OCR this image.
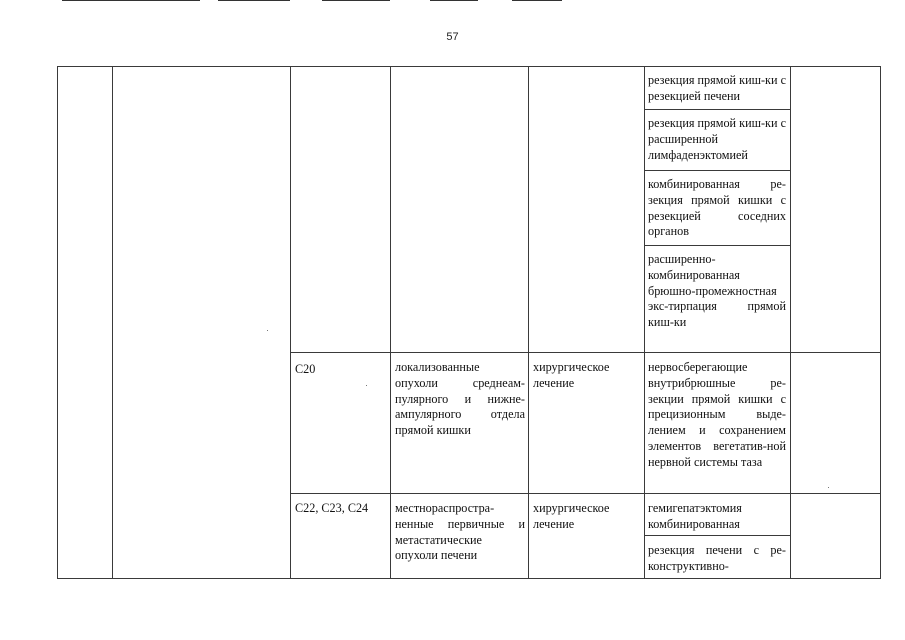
57
резекция прямой киш-ки с резекцией печени
резекция прямой киш-ки с расширенной лимфаденэктомией
комбинированная ре-зекция прямой кишки с резекцией соседних органов
расширенно-комбинированная брюшно-промежностная экс-тирпация прямой киш-ки
C20	локализованные опухоли среднеам-пулярного и нижне-ампулярного отдела прямой кишки
хирургическое лечение
нервосберегающие внутрибрюшные ре-зекции прямой кишки с прецизионным выде-лением и сохранением элементов вегетатив-ной нервной системы таза
C22, C23, C24	местнораспростра-ненные первичные и метастатические опухоли печени
хирургическое лечение
гемигепатэктомия комбинированная
резекция печени с ре-конструктивно-
